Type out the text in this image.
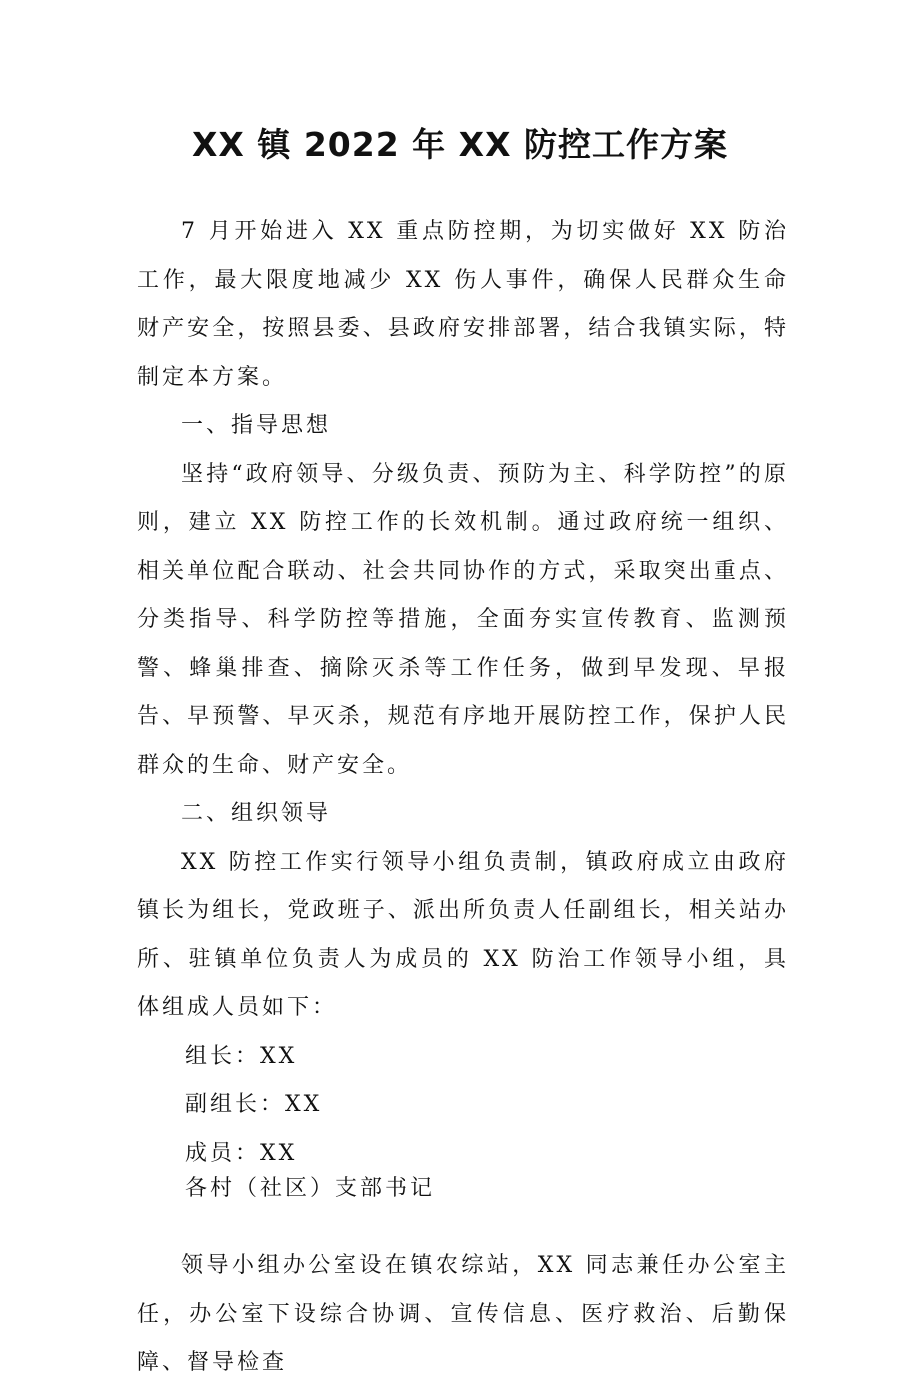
XX 镇 2022 年 XX 防控工作方案

7 月开始进入 XX 重点防控期，为切实做好 XX 防治工作，最大限度地减少 XX 伤人事件，确保人民群众生命财产安全，按照县委、县政府安排部署，结合我镇实际，特制定本方案。

一、指导思想

坚持“政府领导、分级负责、预防为主、科学防控”的原则，建立 XX 防控工作的长效机制。通过政府统一组织、相关单位配合联动、社会共同协作的方式，采取突出重点、分类指导、科学防控等措施，全面夯实宣传教育、监测预警、蜂巢排查、摘除灭杀等工作任务，做到早发现、早报告、早预警、早灭杀，规范有序地开展防控工作，保护人民群众的生命、财产安全。

二、组织领导

XX 防控工作实行领导小组负责制，镇政府成立由政府镇长为组长，党政班子、派出所负责人任副组长，相关站办所、驻镇单位负责人为成员的 XX 防治工作领导小组，具体组成人员如下：

组长：XX

副组长：XX

成员：XX

各村（社区）支部书记

领导小组办公室设在镇农综站，XX 同志兼任办公室主任，办公室下设综合协调、宣传信息、医疗救治、后勤保障、督导检查
